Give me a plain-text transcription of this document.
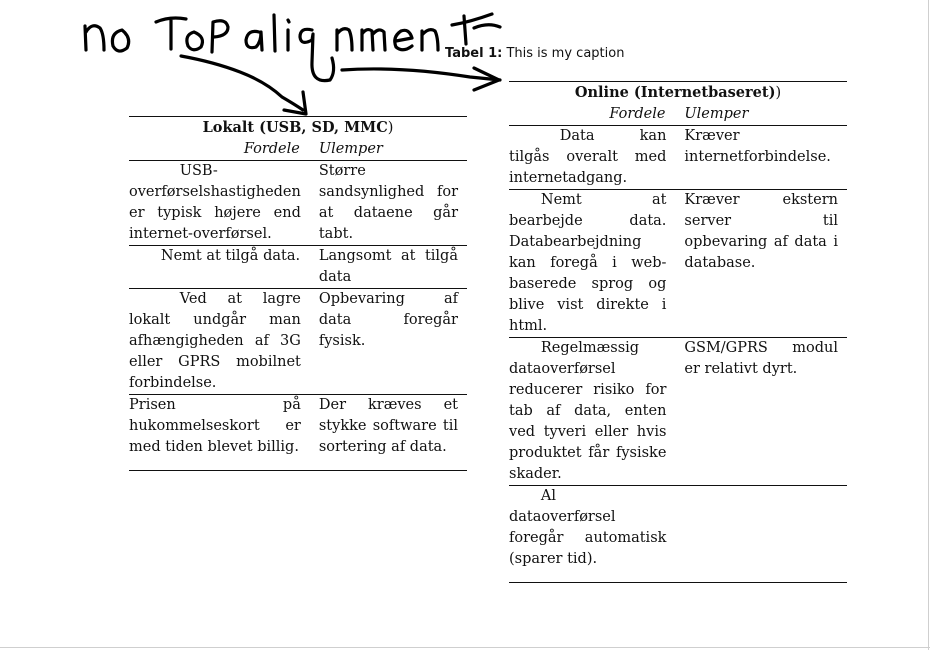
Tabel 1: This is my caption
Lokalt (USB, SD, MMC)	
Fordele	Ulemper
USB-overførselshastigheden er typisk højere end internet-overførsel.	Større sandsynlighed for at dataene går tabt.
Nemt at tilgå data.	Langsomt at tilgå data
Ved at lagre lokalt undgår man afhængigheden af 3G eller GPRS mobilnet forbindelse.	Opbevaring af data foregår fysisk.
Prisen på hukommelseskort er med tiden blevet billig.	Der kræves et stykke software til sortering af data.
Online (Internetbaseret))	
Fordele	Ulemper
Data kan tilgås overalt med internetadgang.	Kræver internetforbindelse.
Nemt at bearbejde data. Databearbejdning kan foregå i web-baserede sprog og blive vist direkte i html.	Kræver ekstern server til opbevaring af data i database.
Regelmæssig dataoverførsel reducerer risiko for tab af data, enten ved tyveri eller hvis produktet får fysiske skader.	GSM/GPRS modul er relativt dyrt.
Al dataoverførsel foregår automatisk (sparer tid).	
